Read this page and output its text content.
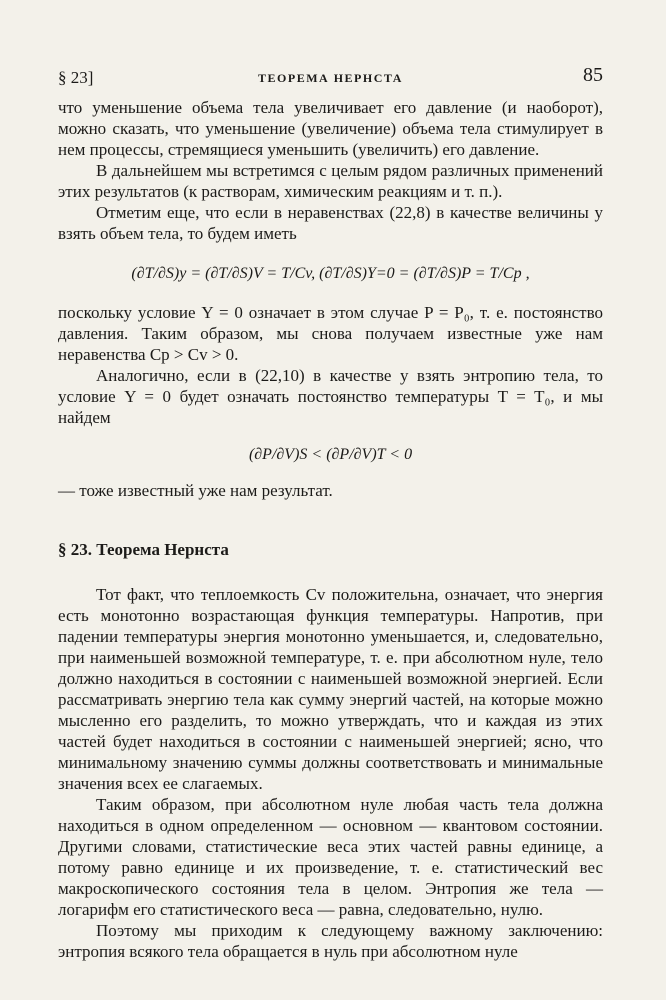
§ 23]	ТЕОРЕМА НЕРНСТА	85

что уменьшение объема тела увеличивает его давление (и наоборот), можно сказать, что уменьшение (увеличение) объема тела стимулирует в нем процессы, стремящиеся уменьшить (увеличить) его давление.

В дальнейшем мы встретимся с целым рядом различных применений этих результатов (к растворам, химическим реакциям и т. п.).

Отметим еще, что если в неравенствах (22,8) в качестве величины y взять объем тела, то будем иметь

(∂T/∂S)y = (∂T/∂S)V = T/Cv, (∂T/∂S)Y=0 = (∂T/∂S)P = T/Cp ,

поскольку условие Y = 0 означает в этом случае P = P₀, т. е. постоянство давления. Таким образом, мы снова получаем известные уже нам неравенства Cp > Cv > 0.

Аналогично, если в (22,10) в качестве y взять энтропию тела, то условие Y = 0 будет означать постоянство температуры T = T₀, и мы найдем

(∂P/∂V)S < (∂P/∂V)T < 0

— тоже известный уже нам результат.

§ 23. Теорема Нернста

Тот факт, что теплоемкость Cv положительна, означает, что энергия есть монотонно возрастающая функция температуры. Напротив, при падении температуры энергия монотонно уменьшается, и, следовательно, при наименьшей возможной температуре, т. е. при абсолютном нуле, тело должно находиться в состоянии с наименьшей возможной энергией. Если рассматривать энергию тела как сумму энергий частей, на которые можно мысленно его разделить, то можно утверждать, что и каждая из этих частей будет находиться в состоянии с наименьшей энергией; ясно, что минимальному значению суммы должны соответствовать и минимальные значения всех ее слагаемых.

Таким образом, при абсолютном нуле любая часть тела должна находиться в одном определенном — основном — квантовом состоянии. Другими словами, статистические веса этих частей равны единице, а потому равно единице и их произведение, т. е. статистический вес макроскопического состояния тела в целом. Энтропия же тела — логарифм его статистического веса — равна, следовательно, нулю.

Поэтому мы приходим к следующему важному заключению: энтропия всякого тела обращается в нуль при абсолютном нуле
